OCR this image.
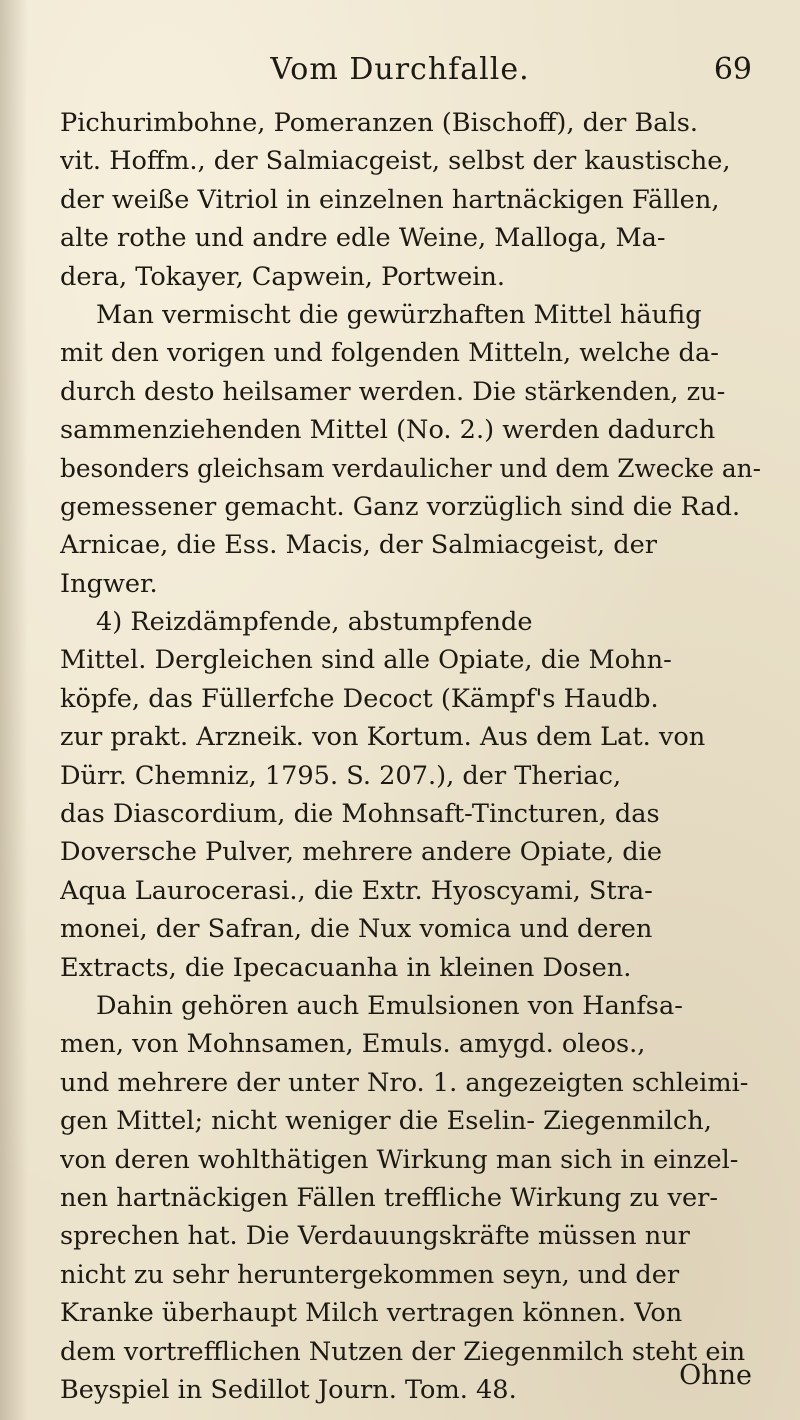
Vom Durchfalle.	69
Pichurimbohne, Pomeranzen (Bischoff), der Bals.
vit. Hoffm., der Salmiacgeist, selbst der kaustische,
der weiße Vitriol in einzelnen hartnäckigen Fällen,
alte rothe und andre edle Weine, Malloga, Ma-
dera, Tokayer, Capwein, Portwein.
Man vermischt die gewürzhaften Mittel häufig
mit den vorigen und folgenden Mitteln, welche da-
durch desto heilsamer werden. Die stärkenden, zu-
sammenziehenden Mittel (No. 2.) werden dadurch
besonders gleichsam verdaulicher und dem Zwecke an-
gemessener gemacht. Ganz vorzüglich sind die Rad.
Arnicae, die Ess. Macis, der Salmiacgeist, der
Ingwer.
4) Reizdämpfende, abstumpfende
Mittel. Dergleichen sind alle Opiate, die Mohn-
köpfe, das Füllerfche Decoct (Kämpf's Haudb.
zur prakt. Arzneik. von Kortum. Aus dem Lat. von
Dürr. Chemniz, 1795. S. 207.), der Theriac,
das Diascordium, die Mohnsaft-Tincturen, das
Doversche Pulver, mehrere andere Opiate, die
Aqua Laurocerasi., die Extr. Hyoscyami, Stra-
monei, der Safran, die Nux vomica und deren
Extracts, die Ipecacuanha in kleinen Dosen.
Dahin gehören auch Emulsionen von Hanfsa-
men, von Mohnsamen, Emuls. amygd. oleos.,
und mehrere der unter Nro. 1. angezeigten schleimi-
gen Mittel; nicht weniger die Eselin- Ziegenmilch,
von deren wohlthätigen Wirkung man sich in einzel-
nen hartnäckigen Fällen treffliche Wirkung zu ver-
sprechen hat. Die Verdauungskräfte müssen nur
nicht zu sehr heruntergekommen seyn, und der
Kranke überhaupt Milch vertragen können. Von
dem vortrefflichen Nutzen der Ziegenmilch steht ein
Beyspiel in Sedillot Journ. Tom. 48.	Ohne
